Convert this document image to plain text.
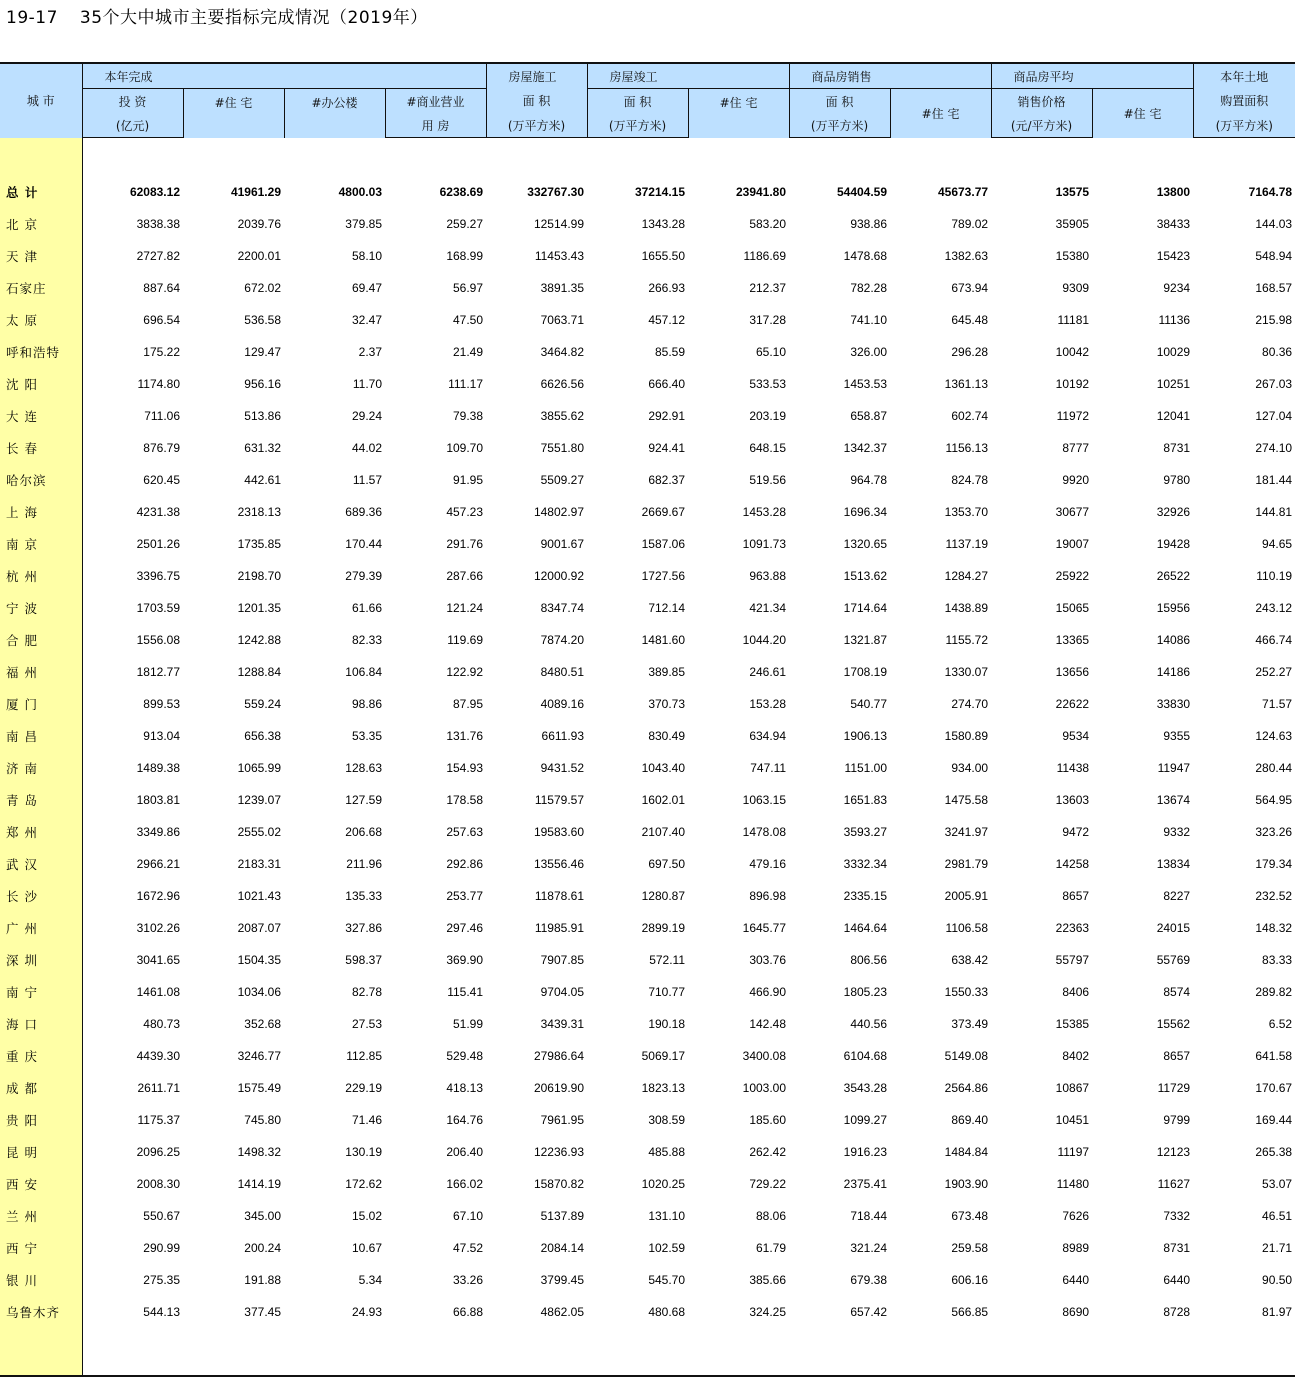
19-17 35个大中城市主要指标完成情况（2019年）
城 市	本年完成				房屋施工	房屋竣工		商品房销售		商品房平均		本年土地
	投 资	#住 宅	#办公楼	#商业营业	面 积	面 积	#住 宅	面 积	#住 宅	销售价格	#住 宅	购置面积
	(亿元)			用 房	(万平方米)	(万平方米)		(万平方米)		(元/平方米)		(万平方米)

总 计	62083.12	41961.29	4800.03	6238.69	332767.30	37214.15	23941.80	54404.59	45673.77	13575	13800	7164.78
北 京	3838.38	2039.76	379.85	259.27	12514.99	1343.28	583.20	938.86	789.02	35905	38433	144.03
天 津	2727.82	2200.01	58.10	168.99	11453.43	1655.50	1186.69	1478.68	1382.63	15380	15423	548.94
石家庄	887.64	672.02	69.47	56.97	3891.35	266.93	212.37	782.28	673.94	9309	9234	168.57
太 原	696.54	536.58	32.47	47.50	7063.71	457.12	317.28	741.10	645.48	11181	11136	215.98
呼和浩特	175.22	129.47	2.37	21.49	3464.82	85.59	65.10	326.00	296.28	10042	10029	80.36
沈 阳	1174.80	956.16	11.70	111.17	6626.56	666.40	533.53	1453.53	1361.13	10192	10251	267.03
大 连	711.06	513.86	29.24	79.38	3855.62	292.91	203.19	658.87	602.74	11972	12041	127.04
长 春	876.79	631.32	44.02	109.70	7551.80	924.41	648.15	1342.37	1156.13	8777	8731	274.10
哈尔滨	620.45	442.61	11.57	91.95	5509.27	682.37	519.56	964.78	824.78	9920	9780	181.44
上 海	4231.38	2318.13	689.36	457.23	14802.97	2669.67	1453.28	1696.34	1353.70	30677	32926	144.81
南 京	2501.26	1735.85	170.44	291.76	9001.67	1587.06	1091.73	1320.65	1137.19	19007	19428	94.65
杭 州	3396.75	2198.70	279.39	287.66	12000.92	1727.56	963.88	1513.62	1284.27	25922	26522	110.19
宁 波	1703.59	1201.35	61.66	121.24	8347.74	712.14	421.34	1714.64	1438.89	15065	15956	243.12
合 肥	1556.08	1242.88	82.33	119.69	7874.20	1481.60	1044.20	1321.87	1155.72	13365	14086	466.74
福 州	1812.77	1288.84	106.84	122.92	8480.51	389.85	246.61	1708.19	1330.07	13656	14186	252.27
厦 门	899.53	559.24	98.86	87.95	4089.16	370.73	153.28	540.77	274.70	22622	33830	71.57
南 昌	913.04	656.38	53.35	131.76	6611.93	830.49	634.94	1906.13	1580.89	9534	9355	124.63
济 南	1489.38	1065.99	128.63	154.93	9431.52	1043.40	747.11	1151.00	934.00	11438	11947	280.44
青 岛	1803.81	1239.07	127.59	178.58	11579.57	1602.01	1063.15	1651.83	1475.58	13603	13674	564.95
郑 州	3349.86	2555.02	206.68	257.63	19583.60	2107.40	1478.08	3593.27	3241.97	9472	9332	323.26
武 汉	2966.21	2183.31	211.96	292.86	13556.46	697.50	479.16	3332.34	2981.79	14258	13834	179.34
长 沙	1672.96	1021.43	135.33	253.77	11878.61	1280.87	896.98	2335.15	2005.91	8657	8227	232.52
广 州	3102.26	2087.07	327.86	297.46	11985.91	2899.19	1645.77	1464.64	1106.58	22363	24015	148.32
深 圳	3041.65	1504.35	598.37	369.90	7907.85	572.11	303.76	806.56	638.42	55797	55769	83.33
南 宁	1461.08	1034.06	82.78	115.41	9704.05	710.77	466.90	1805.23	1550.33	8406	8574	289.82
海 口	480.73	352.68	27.53	51.99	3439.31	190.18	142.48	440.56	373.49	15385	15562	6.52
重 庆	4439.30	3246.77	112.85	529.48	27986.64	5069.17	3400.08	6104.68	5149.08	8402	8657	641.58
成 都	2611.71	1575.49	229.19	418.13	20619.90	1823.13	1003.00	3543.28	2564.86	10867	11729	170.67
贵 阳	1175.37	745.80	71.46	164.76	7961.95	308.59	185.60	1099.27	869.40	10451	9799	169.44
昆 明	2096.25	1498.32	130.19	206.40	12236.93	485.88	262.42	1916.23	1484.84	11197	12123	265.38
西 安	2008.30	1414.19	172.62	166.02	15870.82	1020.25	729.22	2375.41	1903.90	11480	11627	53.07
兰 州	550.67	345.00	15.02	67.10	5137.89	131.10	88.06	718.44	673.48	7626	7332	46.51
西 宁	290.99	200.24	10.67	47.52	2084.14	102.59	61.79	321.24	259.58	8989	8731	21.71
银 川	275.35	191.88	5.34	33.26	3799.45	545.70	385.66	679.38	606.16	6440	6440	90.50
乌鲁木齐	544.13	377.45	24.93	66.88	4862.05	480.68	324.25	657.42	566.85	8690	8728	81.97
